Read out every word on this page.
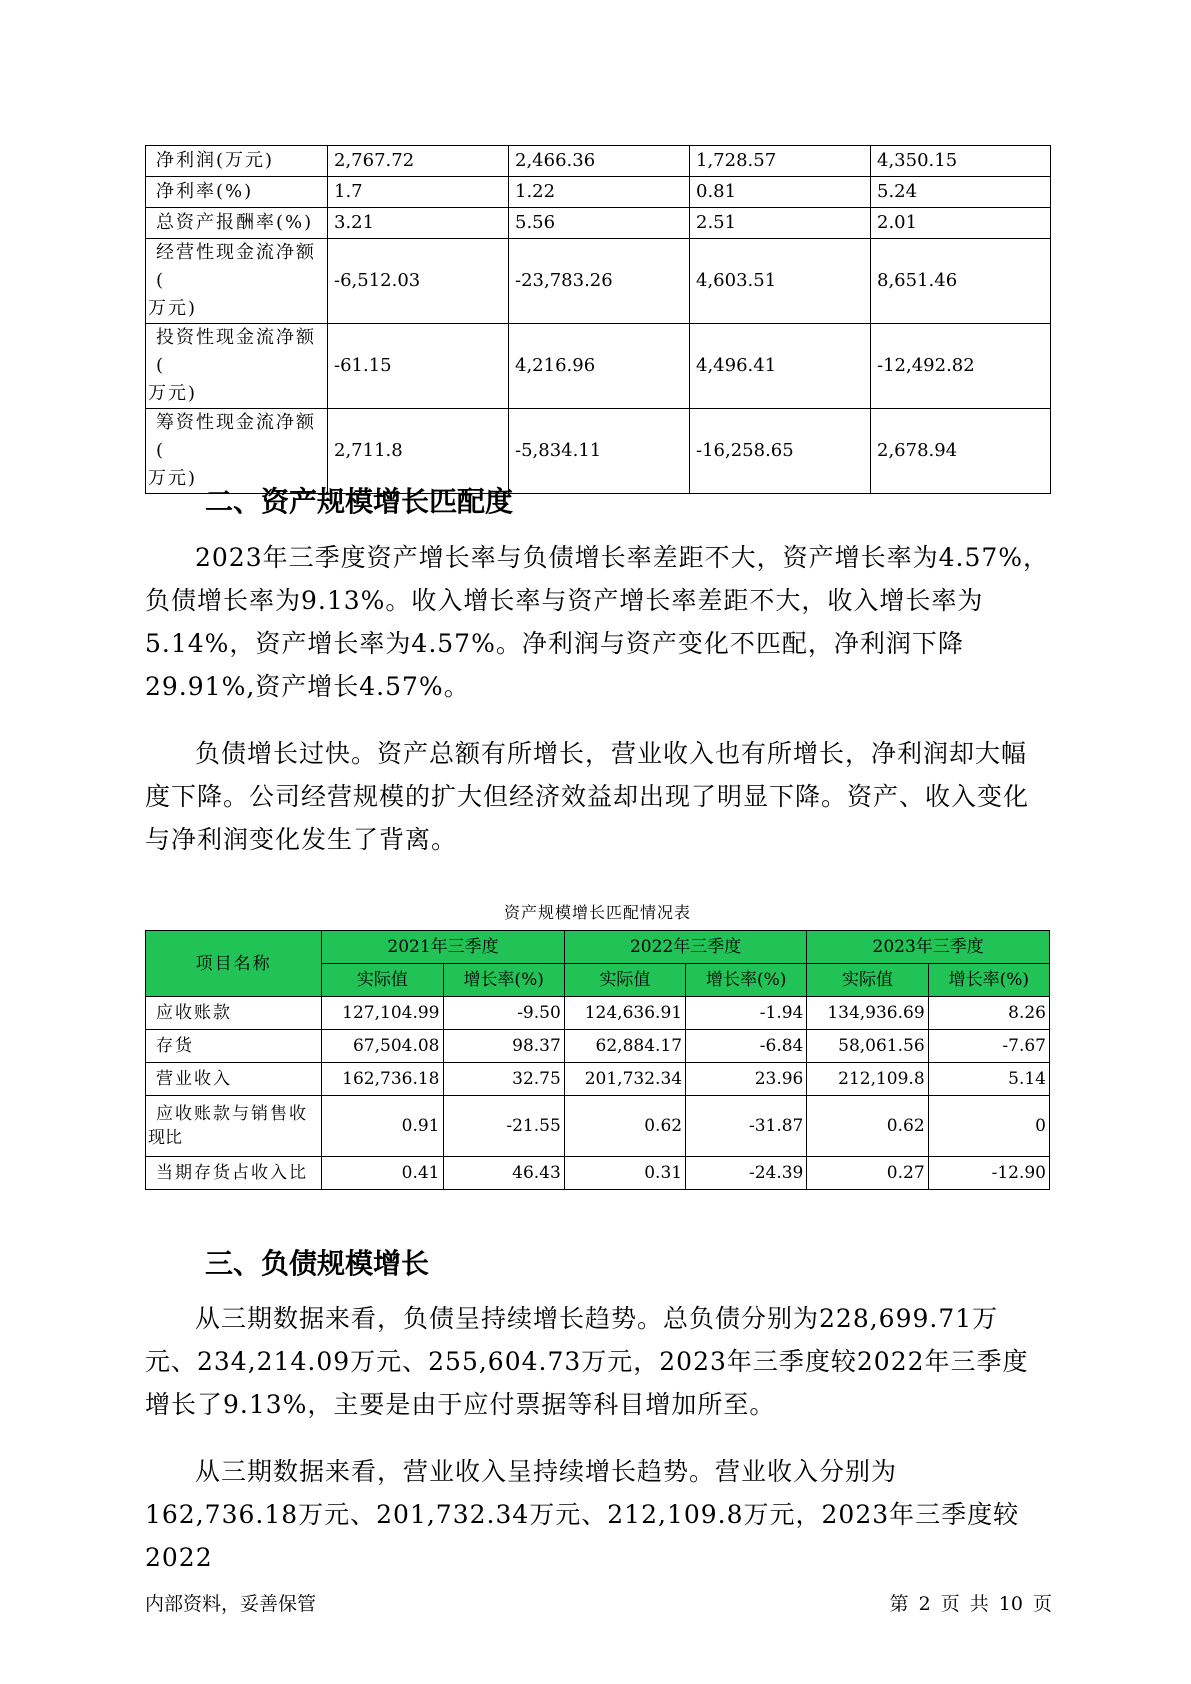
净利润(万元)	2,767.72	2,466.36	1,728.57	4,350.15
净利率(%)	1.7	1.22	0.81	5.24
总资产报酬率(%)	3.21	5.56	2.51	2.01

经营性现金流净额(
万元)	-6,512.03	-23,783.26	4,603.51	8,651.46

投资性现金流净额(
万元)	-61.15	4,216.96	4,496.41	-12,492.82

筹资性现金流净额(
万元)	2,711.8	-5,834.11	-16,258.65	2,678.94
二、资产规模增长匹配度
2023年三季度资产增长率与负债增长率差距不大，资产增长率为4.57%，负债增长率为9.13%。收入增长率与资产增长率差距不大，收入增长率为5.14%，资产增长率为4.57%。净利润与资产变化不匹配，净利润下降29.91%,资产增长4.57%。
负债增长过快。资产总额有所增长，营业收入也有所增长，净利润却大幅度下降。公司经营规模的扩大但经济效益却出现了明显下降。资产、收入变化与净利润变化发生了背离。
资产规模增长匹配情况表
项目名称	2021年三季度		2022年三季度		2023年三季度	
	实际值	增长率(%)	实际值	增长率(%)	实际值	增长率(%)
应收账款	127,104.99	-9.50	124,636.91	-1.94	134,936.69	8.26
存货	67,504.08	98.37	62,884.17	-6.84	58,061.56	-7.67
营业收入	162,736.18	32.75	201,732.34	23.96	212,109.8	5.14

应收账款与销售收
现比	0.91	-21.55	0.62	-31.87	0.62	0
当期存货占收入比	0.41	46.43	0.31	-24.39	0.27	-12.90
三、负债规模增长
从三期数据来看，负债呈持续增长趋势。总负债分别为228,699.71万元、234,214.09万元、255,604.73万元，2023年三季度较2022年三季度增长了9.13%，主要是由于应付票据等科目增加所至。
从三期数据来看，营业收入呈持续增长趋势。营业收入分别为162,736.18万元、201,732.34万元、212,109.8万元，2023年三季度较2022
内部资料，妥善保管	第 2 页 共 10 页
